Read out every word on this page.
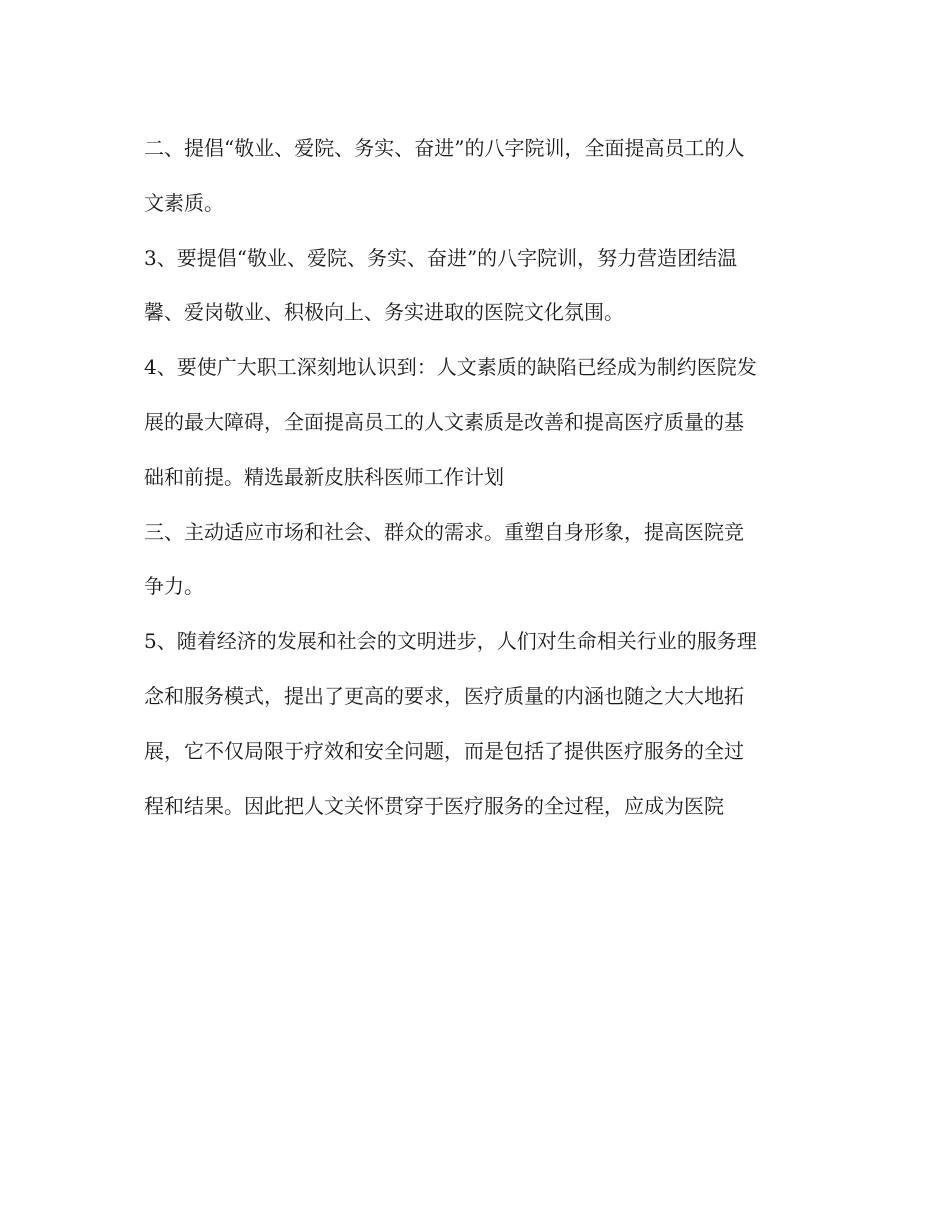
二、提倡“敬业、爱院、务实、奋进”的八字院训，全面提高员工的人
文素质。
3、要提倡“敬业、爱院、务实、奋进”的八字院训，努力营造团结温
馨、爱岗敬业、积极向上、务实进取的医院文化氛围。
4、要使广大职工深刻地认识到：人文素质的缺陷已经成为制约医院发
展的最大障碍，全面提高员工的人文素质是改善和提高医疗质量的基
础和前提。精选最新皮肤科医师工作计划
三、主动适应市场和社会、群众的需求。重塑自身形象，提高医院竞
争力。
5、随着经济的发展和社会的文明进步，人们对生命相关行业的服务理
念和服务模式，提出了更高的要求，医疗质量的内涵也随之大大地拓
展，它不仅局限于疗效和安全问题，而是包括了提供医疗服务的全过
程和结果。因此把人文关怀贯穿于医疗服务的全过程，应成为医院
